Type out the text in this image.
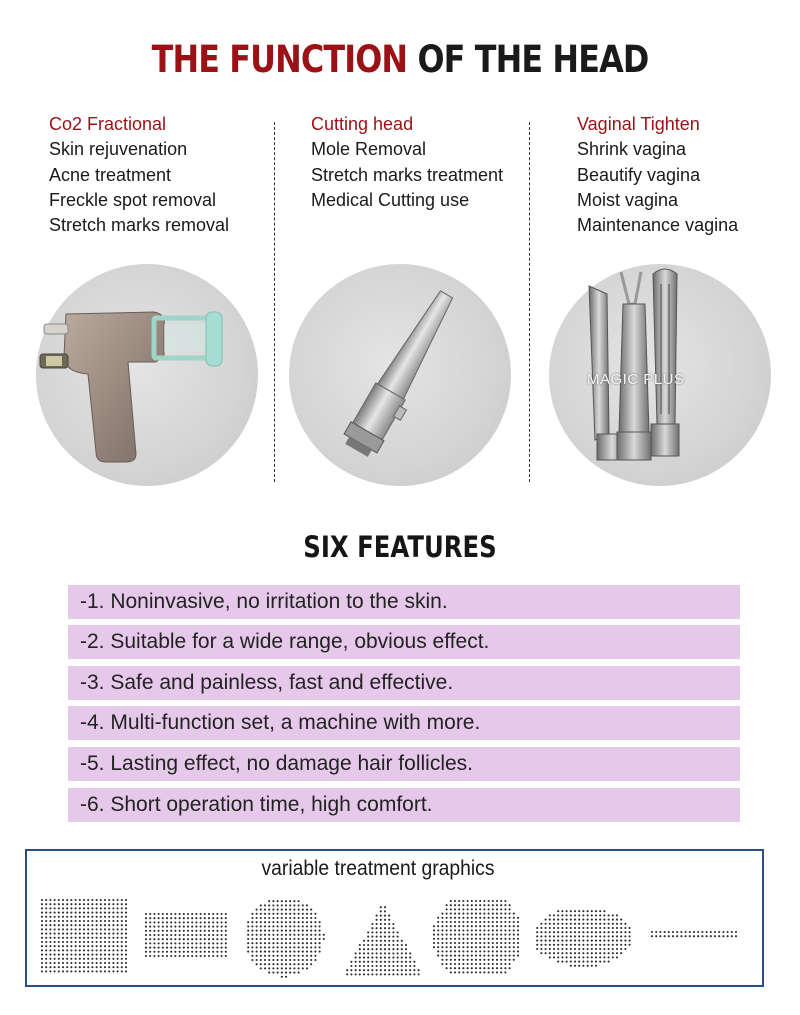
THE FUNCTION OF THE HEAD
Co2 Fractional
Skin rejuvenation
Acne treatment
Freckle spot removal
Stretch marks removal
Cutting head
Mole Removal
Stretch marks treatment
Medical Cutting use
Vaginal Tighten
Shrink vagina
Beautify vagina
Moist vagina
Maintenance vagina
MAGIC PLUS
SIX FEATURES
-1. Noninvasive, no irritation to the skin.
-2. Suitable for a wide range, obvious effect.
-3. Safe and painless, fast and effective.
-4. Multi-function set, a machine with more.
-5. Lasting effect, no damage hair follicles.
-6. Short operation time, high comfort.
variable treatment graphics
